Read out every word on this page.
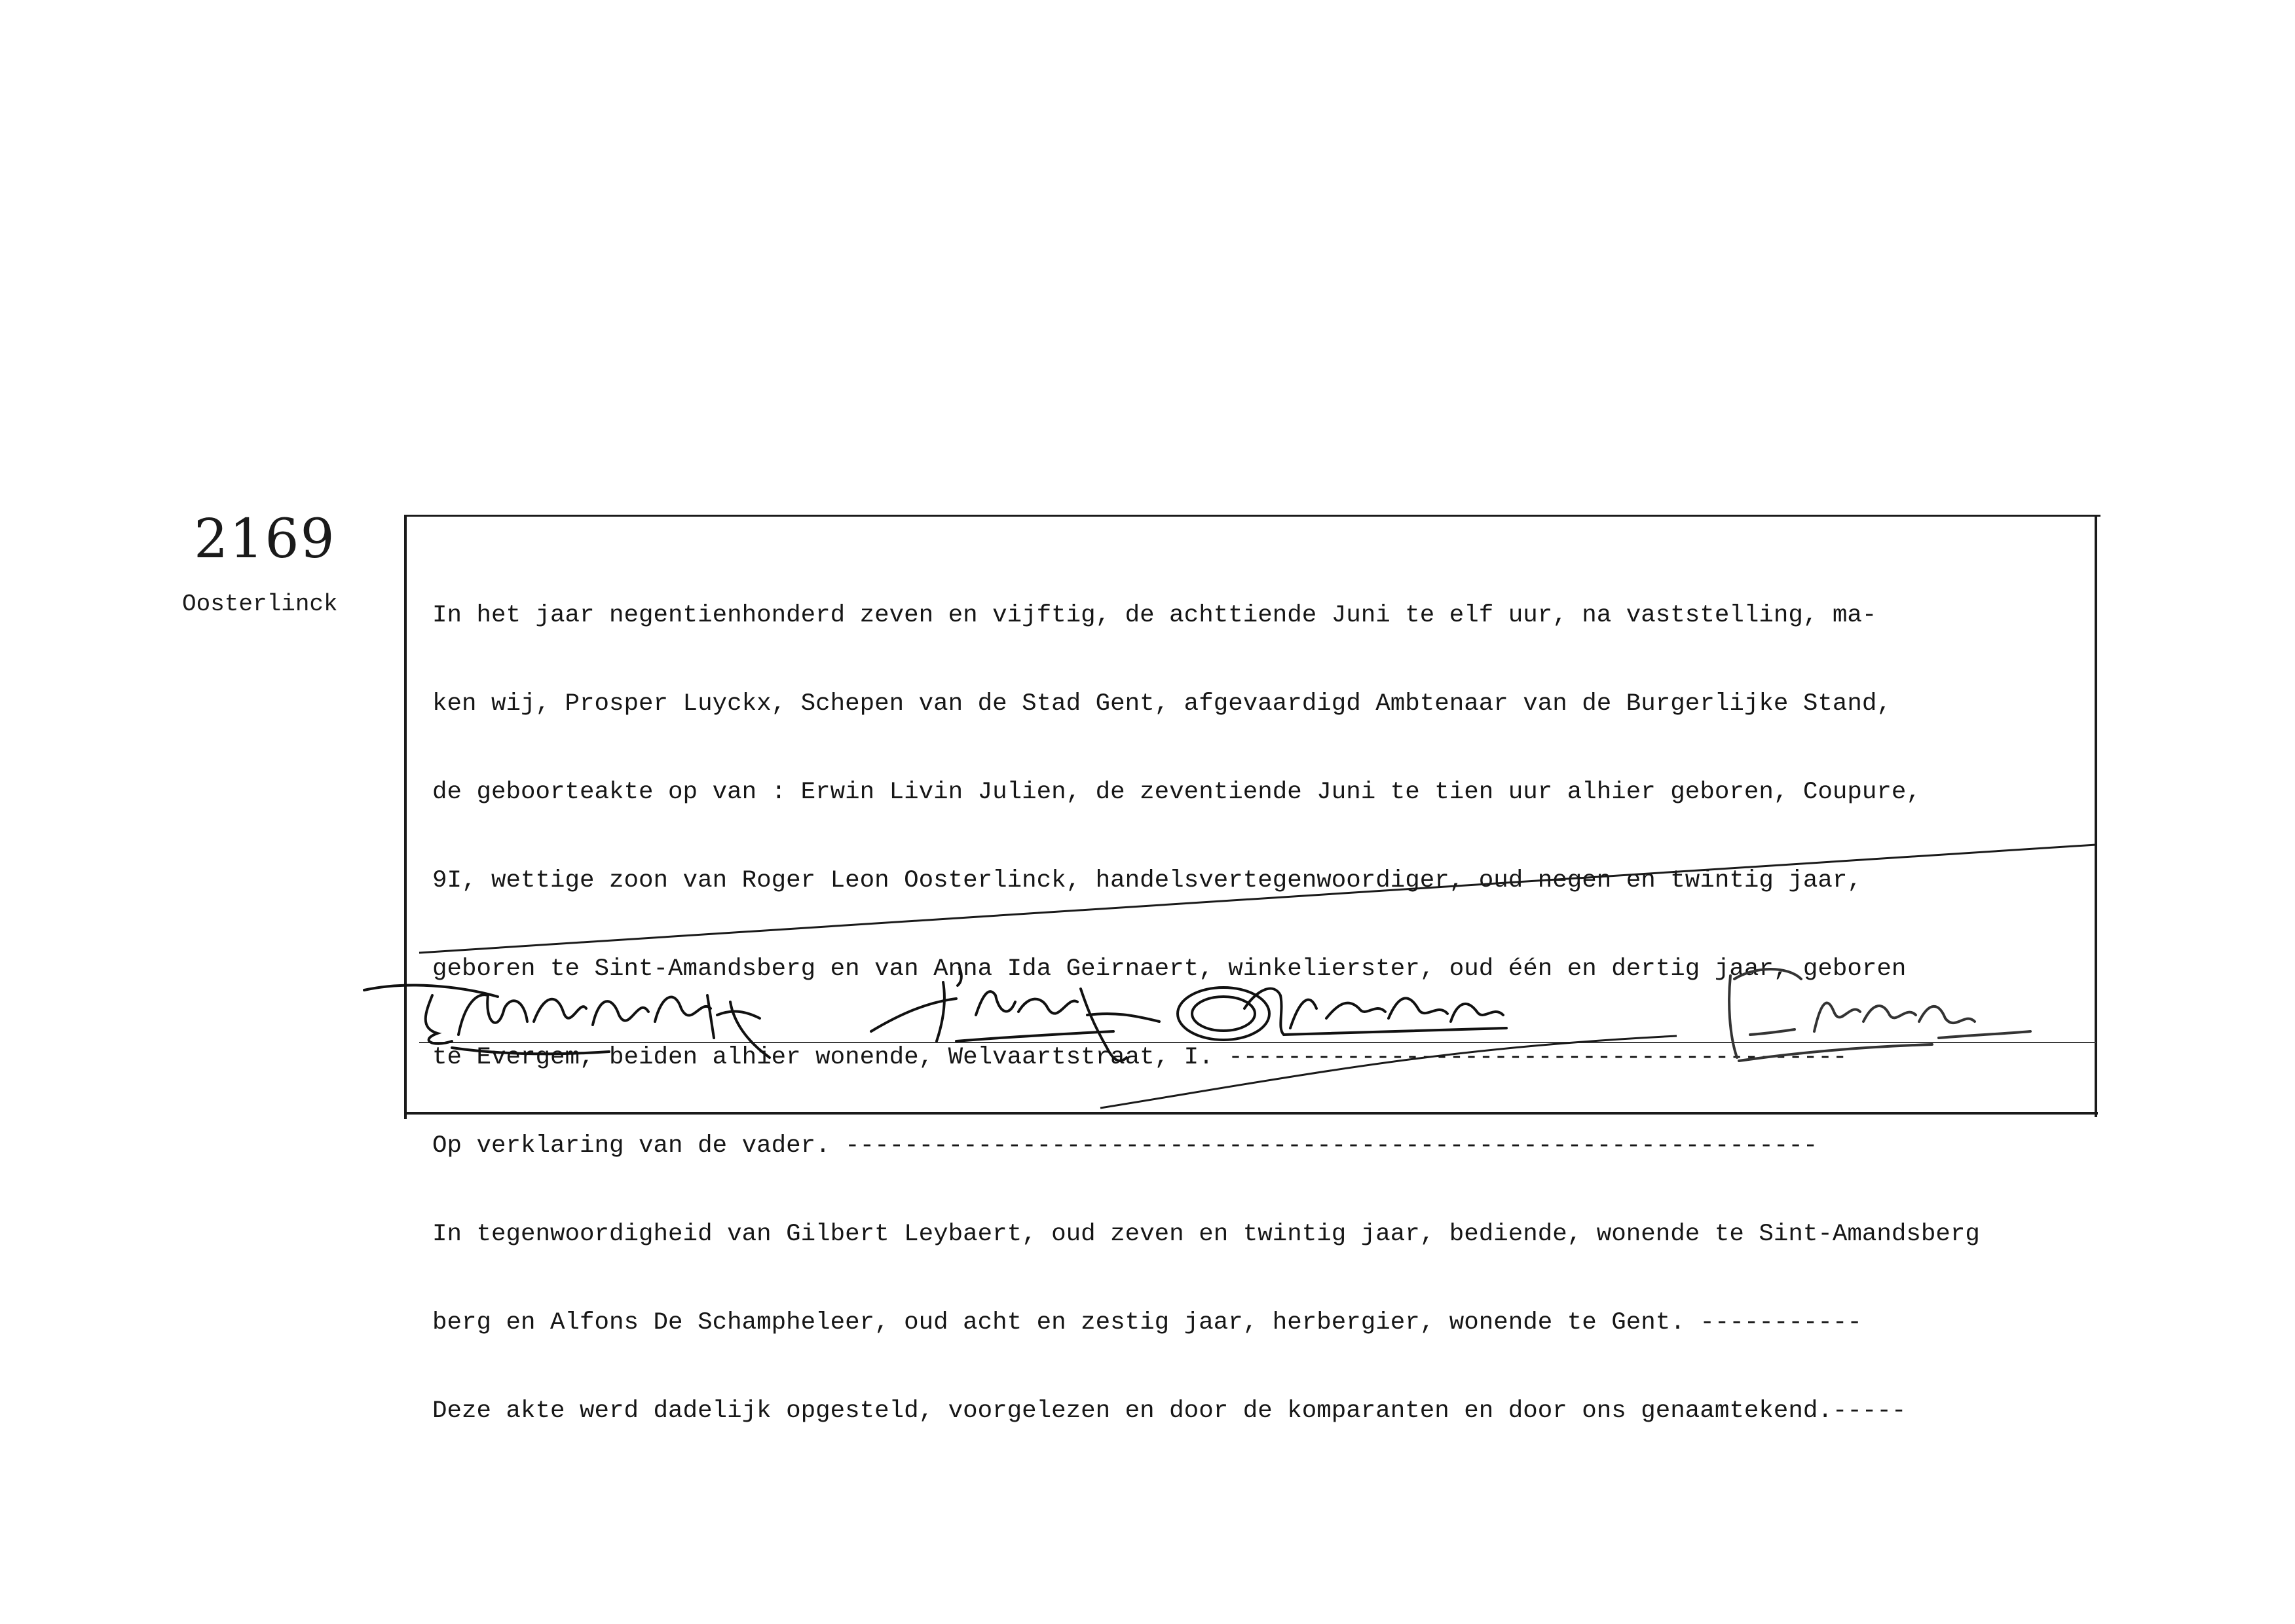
2169
Oosterlinck

	In het jaar negentienhonderd zeven en vijftig, de achttiende Juni te elf uur, na vaststelling, ma-

ken wij, Prosper Luyckx, Schepen van de Stad Gent, afgevaardigd Ambtenaar van de Burgerlijke Stand,

de geboorteakte op van : Erwin Livin Julien, de zeventiende Juni te tien uur alhier geboren, Coupure,

9I, wettige zoon van Roger Leon Oosterlinck, handelsvertegenwoordiger, oud negen en twintig jaar,

geboren te Sint-Amandsberg en van Anna Ida Geirnaert, winkelierster, oud één en dertig jaar, geboren

te Evergem, beiden alhier wonende, Welvaartstraat, I. ------------------------------------------

Op verklaring van de vader. ------------------------------------------------------------------

In tegenwoordigheid van Gilbert Leybaert, oud zeven en twintig jaar, bediende, wonende te Sint-Amandsberg

berg en Alfons De Schampheleer, oud acht en zestig jaar, herbergier, wonende te Gent. -----------

Deze akte werd dadelijk opgesteld, voorgelezen en door de komparanten en door ons genaamtekend.-----
